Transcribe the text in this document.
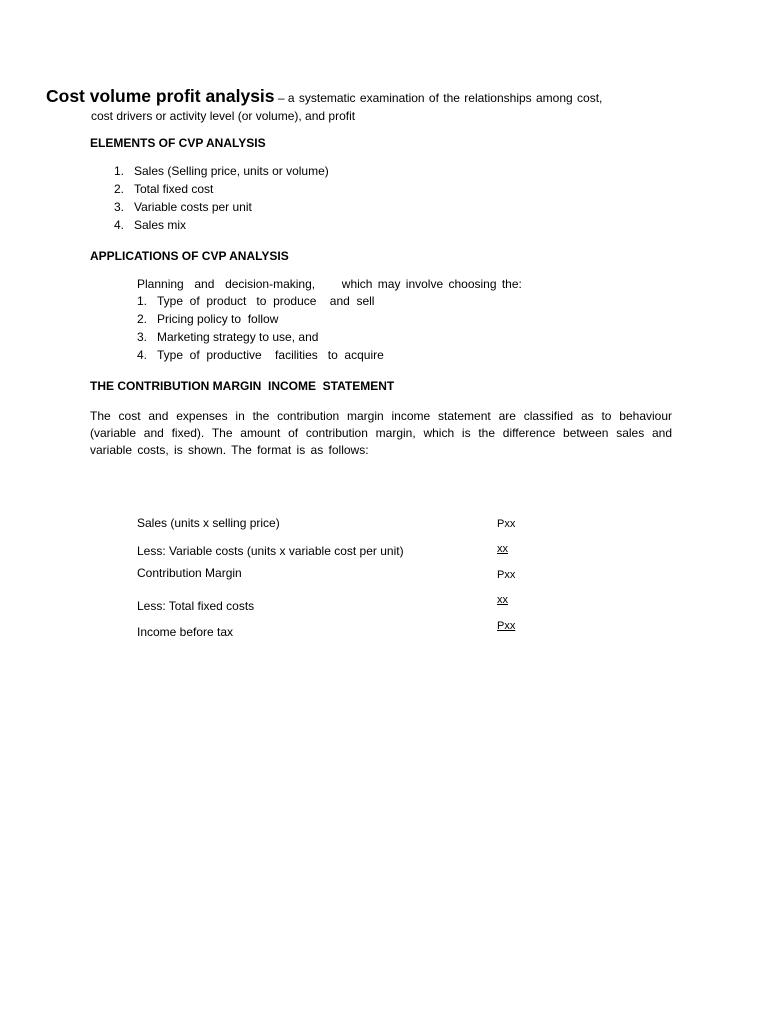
Cost volume profit analysis – a systematic examination of the relationships among cost,
cost drivers or activity level (or volume), and profit
ELEMENTS OF CVP ANALYSIS
1. Sales (Selling price, units or volume)
2. Total fixed cost
3. Variable costs per unit
4. Sales mix
APPLICATIONS OF CVP ANALYSIS
Planning  and  decision-making,     which may involve choosing the:
1. Type  of  product   to  produce    and  sell
2. Pricing policy to  follow
3. Marketing strategy to use, and
4. Type  of  productive    facilities   to  acquire
THE CONTRIBUTION MARGIN  INCOME  STATEMENT
The cost and expenses in the contribution margin income statement are classified as to behaviour (variable and fixed). The amount of contribution margin, which is the difference between sales and variable costs, is shown. The format is as follows:
Sales (units x selling price)	Pxx
Less: Variable costs (units x variable cost per unit)	xx
Contribution Margin	Pxx
Less: Total fixed costs	xx
Income before tax	Pxx
